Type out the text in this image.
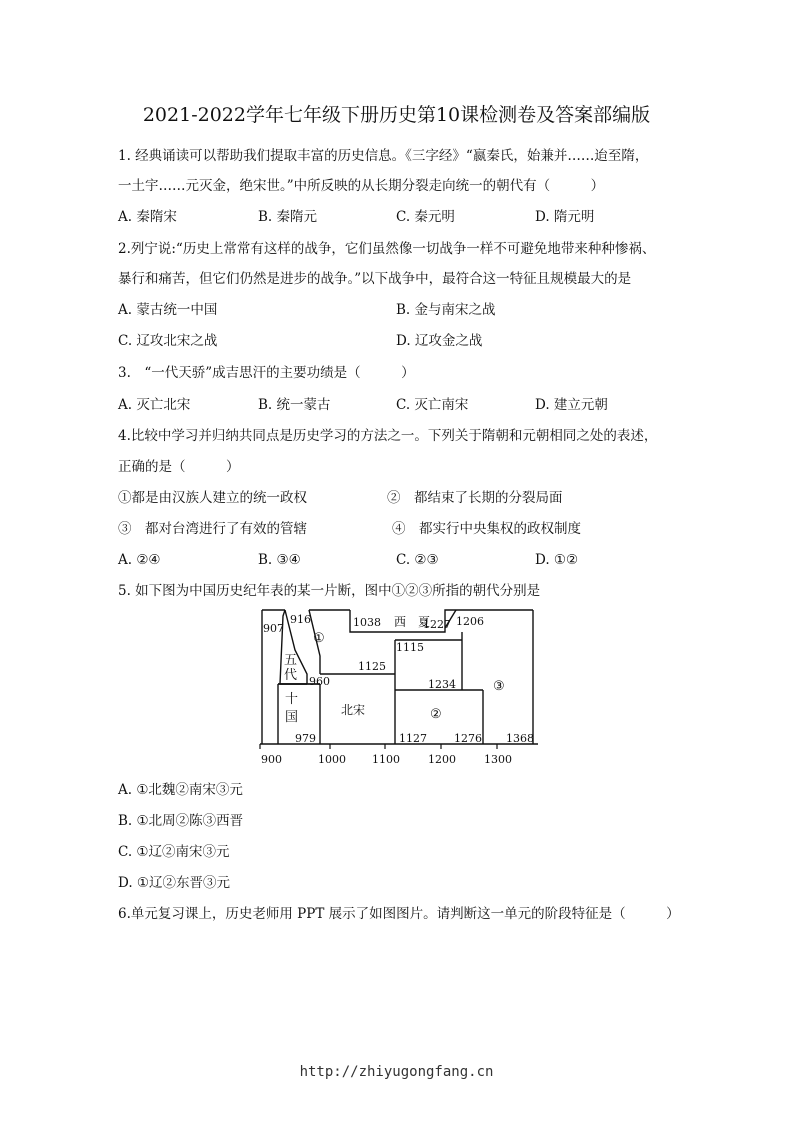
2021-2022学年七年级下册历史第10课检测卷及答案部编版
1. 经典诵读可以帮助我们提取丰富的历史信息。《三字经》“嬴秦氏，始兼并……迨至隋，
一土宇……元灭金，绝宋世。”中所反映的从长期分裂走向统一的朝代有（　　　）
A. 秦隋宋	B. 秦隋元	C. 秦元明	D. 隋元明
2.列宁说:“历史上常常有这样的战争，它们虽然像一切战争一样不可避免地带来种种惨祸、
暴行和痛苦，但它们仍然是进步的战争。”以下战争中，最符合这一特征且规模最大的是
A. 蒙古统一中国	B. 金与南宋之战
C. 辽攻北宋之战	D. 辽攻金之战
3.　“一代天骄”成吉思汗的主要功绩是（　　　）
A. 灭亡北宋	B. 统一蒙古	C. 灭亡南宋	D. 建立元朝
4.比较中学习并归纳共同点是历史学习的方法之一。下列关于隋朝和元朝相同之处的表述，
正确的是（　　　）
①都是由汉族人建立的统一政权	②　都结束了长期的分裂局面
③　都对台湾进行了有效的管辖	④　都实行中央集权的政权制度
A. ②④	B. ③④	C. ②③	D. ①②
5. 如下图为中国历史纪年表的某一片断，图中①②③所指的朝代分别是
907
916	1038 西　夏
1227 1206
①
1115
五
代
1125
960	1234	③
十
国	北宋	②
979	1127 1276 1368
900	1000 1100	1200	1300
A. ①北魏②南宋③元
B. ①北周②陈③西晋
C. ①辽②南宋③元
D. ①辽②东晋③元
6.单元复习课上，历史老师用 PPT 展示了如图图片。请判断这一单元的阶段特征是（　　　）
http://zhiyugongfang.cn
